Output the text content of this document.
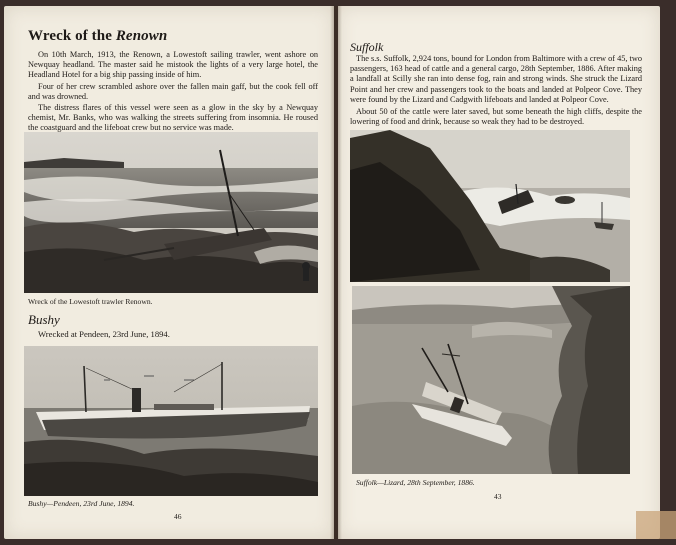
Wreck of the Renown

On 10th March, 1913, the Renown, a Lowestoft sailing trawler, went ashore on Newquay headland. The master said he mistook the lights of a very large hotel, the Headland Hotel for a big ship passing inside of him.

Four of her crew scrambled ashore over the fallen main gaff, but the cook fell off and was drowned.

The distress flares of this vessel were seen as a glow in the sky by a Newquay chemist, Mr. Banks, who was walking the streets suffering from insomnia. He roused the coastguard and the lifeboat crew but no service was made.

Wreck of the Lowestoft trawler Renown.

Bushy

Wrecked at Pendeen, 23rd June, 1894.

Bushy—Pendeen, 23rd June, 1894.

46

Suffolk

The s.s. Suffolk, 2,924 tons, bound for London from Baltimore with a crew of 45, two passengers, 163 head of cattle and a general cargo, 28th September, 1886. After making a landfall at Scilly she ran into dense fog, rain and strong winds. She struck the Lizard Point and her crew and passengers took to the boats and landed at Polpeor Cove. They were found by the Lizard and Cadgwith lifeboats and landed at Polpeor Cove.

About 50 of the cattle were later saved, but some beneath the high cliffs, despite the lowering of food and drink, because so weak they had to be destroyed.

Suffolk—Lizard, 28th September, 1886.

43
